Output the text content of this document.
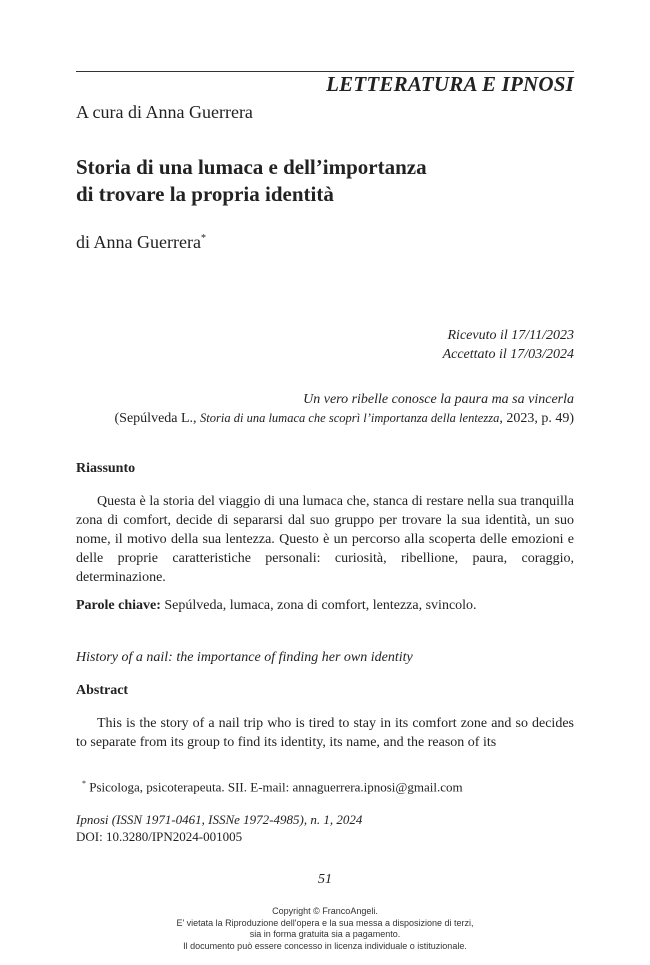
LETTERATURA E IPNOSI
A cura di Anna Guerrera
Storia di una lumaca e dell’importanza
di trovare la propria identità
di Anna Guerrera*
Ricevuto il 17/11/2023
Accettato il 17/03/2024
Un vero ribelle conosce la paura ma sa vincerla
(Sepúlveda L., Storia di una lumaca che scoprì l’importanza della lentezza, 2023, p. 49)
Riassunto

Questa è la storia del viaggio di una lumaca che, stanca di restare nella sua tranquilla zona di comfort, decide di separarsi dal suo gruppo per trovare la sua identità, un suo nome, il motivo della sua lentezza. Questo è un percorso alla scoperta delle emozioni e delle proprie caratteristiche personali: curiosità, ribellione, paura, coraggio, determinazione.

Parole chiave: Sepúlveda, lumaca, zona di comfort, lentezza, svincolo.
History of a nail: the importance of finding her own identity
Abstract

This is the story of a nail trip who is tired to stay in its comfort zone and so decides to separate from its group to find its identity, its name, and the reason of its

* Psicologa, psicoterapeuta. SII. E-mail: annaguerrera.ipnosi@gmail.com
Ipnosi (ISSN 1971-0461, ISSNe 1972-4985), n. 1, 2024
DOI: 10.3280/IPN2024-001005
51
Copyright © FrancoAngeli.
E' vietata la Riproduzione dell'opera e la sua messa a disposizione di terzi,
sia in forma gratuita sia a pagamento.
Il documento può essere concesso in licenza individuale o istituzionale.
